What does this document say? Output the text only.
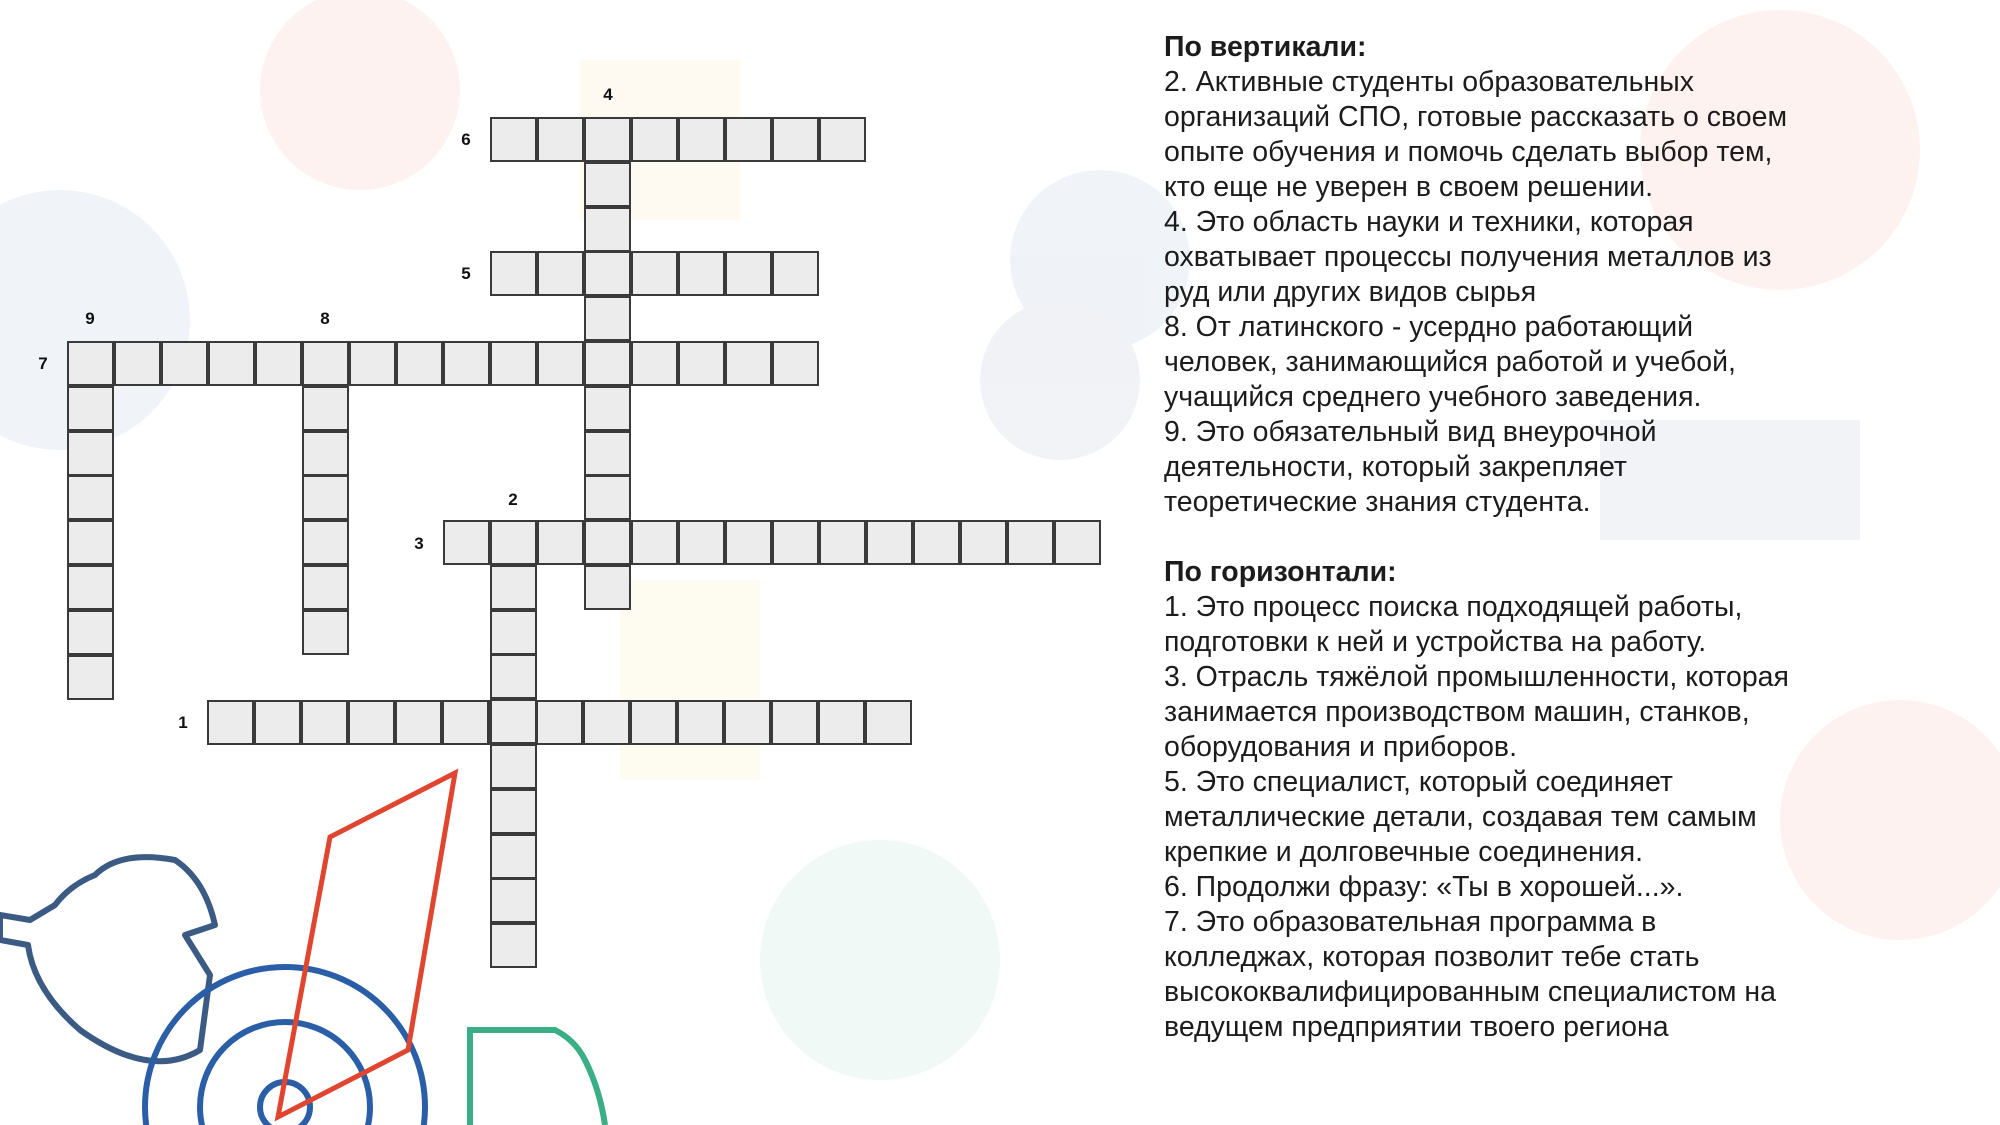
1
2
3
4
5
6
7
8
9
По вертикали:
2. Активные студенты образовательных
организаций СПО, готовые рассказать о своем
опыте обучения и помочь сделать выбор тем,
кто еще не уверен в своем решении.
4. Это область науки и техники, которая
охватывает процессы получения металлов из
руд или других видов сырья
8. От латинского - усердно работающий
человек, занимающийся работой и учебой,
учащийся среднего учебного заведения.
9. Это обязательный вид внеурочной
деятельности, который закрепляет
теоретические знания студента.
По горизонтали:
1. Это процесс поиска подходящей работы,
подготовки к ней и устройства на работу.
3. Отрасль тяжёлой промышленности, которая
занимается производством машин, станков,
оборудования и приборов.
5. Это специалист, который соединяет
металлические детали, создавая тем самым
крепкие и долговечные соединения.
6. Продолжи фразу: «Ты в хорошей...».
7. Это образовательная программа в
колледжах, которая позволит тебе стать
высококвалифицированным специалистом на
ведущем предприятии твоего региона
